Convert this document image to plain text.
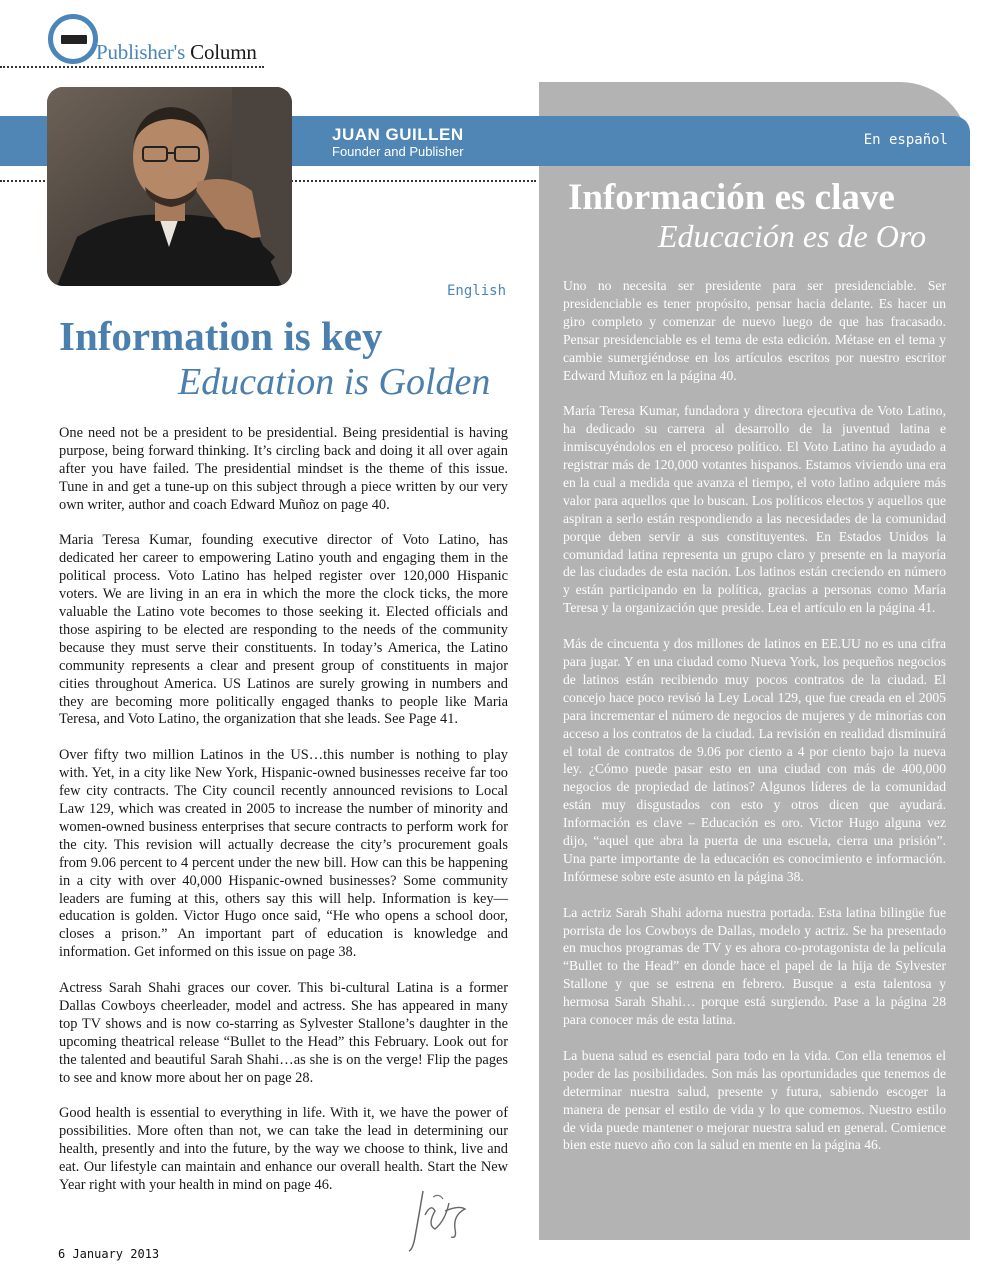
Publisher's Column
JUAN GUILLEN
Founder and Publisher
En español
English
Information is key
Education is Golden

One need not be a president to be presidential. Being presidential is having purpose, being forward thinking. It’s circling back and doing it all over again after you have failed. The presidential mindset is the theme of this issue. Tune in and get a tune-up on this subject through a piece written by our very own writer, author and coach Edward Muñoz on page 40.

Maria Teresa Kumar, founding executive director of Voto Latino, has dedicated her career to empowering Latino youth and engaging them in the political process. Voto Latino has helped register over 120,000 Hispanic voters. We are living in an era in which the more the clock ticks, the more valuable the Latino vote becomes to those seeking it. Elected officials and those aspiring to be elected are responding to the needs of the community because they must serve their constituents. In today’s America, the Latino community represents a clear and present group of constituents in major cities throughout America. US Latinos are surely growing in numbers and they are becoming more politically engaged thanks to people like Maria Teresa, and Voto Latino, the organization that she leads. See Page 41.

Over fifty two million Latinos in the US…this number is nothing to play with. Yet, in a city like New York, Hispanic-owned businesses receive far too few city contracts. The City council recently announced revisions to Local Law 129, which was created in 2005 to increase the number of minority and women-owned business enterprises that secure contracts to perform work for the city. This revision will actually decrease the city’s procurement goals from 9.06 percent to 4 percent under the new bill. How can this be happening in a city with over 40,000 Hispanic-owned businesses? Some community leaders are fuming at this, others say this will help. Information is key—education is golden. Victor Hugo once said, “He who opens a school door, closes a prison.” An important part of education is knowledge and information. Get informed on this issue on page 38.

Actress Sarah Shahi graces our cover. This bi-cultural Latina is a former Dallas Cowboys cheerleader, model and actress. She has appeared in many top TV shows and is now co-starring as Sylvester Stallone’s daughter in the upcoming theatrical release “Bullet to the Head” this February. Look out for the talented and beautiful Sarah Shahi…as she is on the verge! Flip the pages to see and know more about her on page 28.

Good health is essential to everything in life. With it, we have the power of possibilities. More often than not, we can take the lead in determining our health, presently and into the future, by the way we choose to think, live and eat. Our lifestyle can maintain and enhance our overall health. Start the New Year right with your health in mind on page 46.

Información es clave
Educación es de Oro

Uno no necesita ser presidente para ser presidenciable. Ser presidenciable es tener propósito, pensar hacia delante. Es hacer un giro completo y comenzar de nuevo luego de que has fracasado. Pensar presidenciable es el tema de esta edición. Métase en el tema y cambie sumergiéndose en los artículos escritos por nuestro escritor Edward Muñoz en la página 40.

María Teresa Kumar, fundadora y directora ejecutiva de Voto Latino, ha dedicado su carrera al desarrollo de la juventud latina e inmiscuyéndolos en el proceso político. El Voto Latino ha ayudado a registrar más de 120,000 votantes hispanos. Estamos viviendo una era en la cual a medida que avanza el tiempo, el voto latino adquiere más valor para aquellos que lo buscan. Los políticos electos y aquellos que aspiran a serlo están respondiendo a las necesidades de la comunidad porque deben servir a sus constituyentes. En Estados Unidos la comunidad latina representa un grupo claro y presente en la mayoría de las ciudades de esta nación. Los latinos están creciendo en número y están participando en la política, gracias a personas como María Teresa y la organización que preside. Lea el artículo en la página 41.

Más de cincuenta y dos millones de latinos en EE.UU no es una cifra para jugar. Y en una ciudad como Nueva York, los pequeños negocios de latinos están recibiendo muy pocos contratos de la ciudad. El concejo hace poco revisó la Ley Local 129, que fue creada en el 2005 para incrementar el número de negocios de mujeres y de minorías con acceso a los contratos de la ciudad. La revisión en realidad disminuirá el total de contratos de 9.06 por ciento a 4 por ciento bajo la nueva ley. ¿Cómo puede pasar esto en una ciudad con más de 400,000 negocios de propiedad de latinos? Algunos líderes de la comunidad están muy disgustados con esto y otros dicen que ayudará. Información es clave – Educación es oro. Victor Hugo alguna vez dijo, “aquel que abra la puerta de una escuela, cierra una prisión”. Una parte importante de la educación es conocimiento e información. Infórmese sobre este asunto en la página 38.

La actriz Sarah Shahi adorna nuestra portada. Esta latina bilingüe fue porrista de los Cowboys de Dallas, modelo y actriz. Se ha presentado en muchos programas de TV y es ahora co-protagonista de la película “Bullet to the Head” en donde hace el papel de la hija de Sylvester Stallone y que se estrena en febrero. Busque a esta talentosa y hermosa Sarah Shahi… porque está surgiendo. Pase a la página 28 para conocer más de esta latina.

La buena salud es esencial para todo en la vida. Con ella tenemos el poder de las posibilidades. Son más las oportunidades que tenemos de determinar nuestra salud, presente y futura, sabiendo escoger la manera de pensar el estilo de vida y lo que comemos. Nuestro estilo de vida puede mantener o mejorar nuestra salud en general. Comience bien este nuevo año con la salud en mente en la página 46.

6 January 2013
